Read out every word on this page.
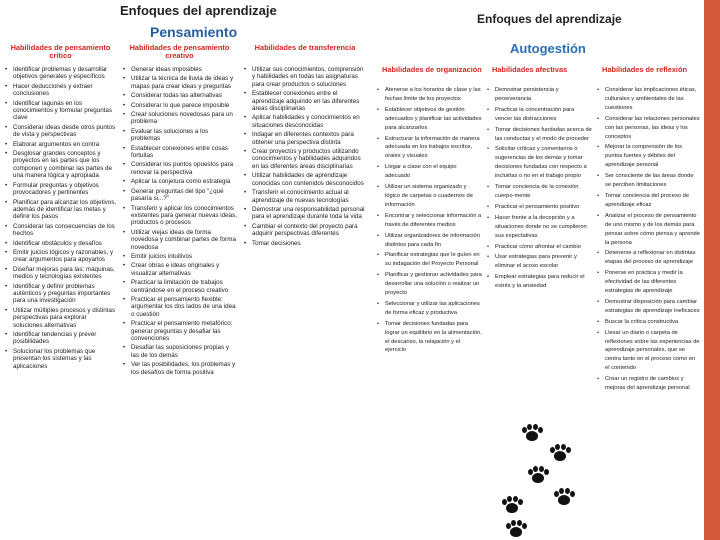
Enfoques del aprendizaje
Pensamiento
Habilidades de pensamiento crítico
• Identificar problemas y desarrollar objetivos generales y específicos
• Hacer deducciones y extraer conclusiones
• Identificar lagunas en los conocimientos y formular preguntas clave
• Considerar ideas desde otros puntos de vista y perspectivas
• Elaborar argumentos en contra
• Desglosar grandes conceptos y proyectos en las partes que los componen y combinar las partes de una manera lógica y apropiada
• Formular preguntas y objetivos provocadores y pertinentes
• Planificar para alcanzar los objetivos, además de identificar las metas y definir los pasos
• Considerar las consecuencias de los hechos
• Identificar obstáculos y desafíos
• Emitir juicios lógicos y razonables, y crear argumentos para apoyarlos
• Diseñar mejoras para las: máquinas, medios y tecnologías existentes
• Identificar y definir problemas auténticos y preguntas importantes para una investigación
• Utilizar múltiples procesos y distintas perspectivas para explorar soluciones alternativas
• Identificar tendencias y prever posibilidades
• Solucionar los problemas que presentan los sistemas y las aplicaciones
Habilidades de pensamiento creativo
• Generar ideas imposibles
• Utilizar la técnica de lluvia de ideas y mapas para crear ideas y preguntas
• Considerar todas las alternativas
• Considerar lo que parece imposible
• Crear soluciones novedosas para un problema
• Evaluar las soluciones a los problemas
• Establecer conexiones entre cosas fortuitas
• Considerar los puntos opuestos para renovar la perspectiva
• Aplicar la conjetura como estrategia
• Generar preguntas del tipo "¿qué pasaría si...?"
• Transferir y aplicar los conocimientos existentes para generar nuevas ideas, productos o procesos
• Utilizar viejas ideas de forma novedosa y combinar partes de forma novedosa
• Emitir juicios intuitivos
• Crear obras e ideas originales y visualizar alternativas
• Practicar la limitación de trabajos centrándose en el proceso creativo
• Practicar el pensamiento flexible: argumentar los dos lados de una idea o cuestión
• Practicar el pensamiento metafórico: generar preguntas y desafiar las convenciones
• Desafiar las suposiciones propias y las de los demás
• Ver las posibilidades, los problemas y los desafíos de forma positiva
Habilidades de transferencia
• Utilizar sus conocimientos, comprensión y habilidades en todas las asignaturas para crear productos o soluciones
• Establecer conexiones entre el aprendizaje adquirido en las diferentes áreas disciplinarias
• Aplicar habilidades y conocimientos en situaciones desconocidas
• Indagar en diferentes contextos para obtener una perspectiva distinta
• Crear proyectos y productos utilizando conocimientos y habilidades adquiridos en las diferentes áreas disciplinarias
• Utilizar habilidades de aprendizaje conocidas con contenidos desconocidos
• Transferir el conocimiento actual al aprendizaje de nuevas tecnologías
• Demostrar una responsabilidad personal para el aprendizaje durante toda la vida
• Cambiar el contexto del proyecto para adquirir perspectivas diferentes
• Tomar decisiones
Enfoques del aprendizaje
Autogestión
Habilidades de organización
• Atenerse a los horarios de clase y las fechas límite de los proyectos
• Establecer objetivos de gestión adecuados y planificar las actividades para alcanzarlos
• Estructurar la información de manera adecuada en los trabajos escritos, orales y visuales
• Llegar a clase con el equipo adecuado
• Utilizar un sistema organizado y lógico de carpetas o cuadernos de información
• Encontrar y seleccionar información a través de diferentes medios
• Utilizar organizadores de información distintos para cada fin
• Planificar estrategias que le guíen en su indagación del Proyecto Personal
• Planificar y gestionar actividades para desarrollar una solución o realizar un proyecto
• Seleccionar y utilizar las aplicaciones de forma eficaz y productiva
• Tomar decisiones fundadas para lograr un equilibrio en la alimentación, el descanso, la relajación y el ejercicio
Habilidades afectivas
• Demostrar persistencia y perseverancia
• Practicar la concentración para vencer las distracciones
• Tomar decisiones fundadas acerca de las conductas y el modo de proceder
• Solicitar críticas y comentarios o sugerencias de los demás y tomar decisiones fundadas con respecto a incluirlas o no en el trabajo propio
• Tomar conciencia de la conexión cuerpo-mente
• Practicar el pensamiento positivo
• Hacer frente a la decepción y a situaciones donde no se cumplieron sus expectativas
• Practicar cómo afrontar el cambio
• Usar estrategias para prevenir y eliminar el acoso escolar
• Emplear estrategias para reducir el estrés y la ansiedad
Habilidades de reflexión
• Considerar las implicaciones éticas, culturales y ambientales de las cuestiones
• Considerar las relaciones personales con las personas, las ideas y los conceptos
• Mejorar la comprensión de los puntos fuertes y débiles del aprendizaje personal
• Ser consciente de las áreas donde se perciben limitaciones
• Tomar conciencia del proceso de aprendizaje eficaz
• Analizar el proceso de pensamiento de uno mismo y de los demás para pensar sobre cómo piensa y aprende la persona
• Detenerse a reflexionar en distintas etapas del proceso de aprendizaje
• Ponerse en práctica y medir la efectividad de las diferentes estrategias de aprendizaje
• Demostrar disposición para cambiar estrategias de aprendizaje ineficaces
• Buscar la crítica constructiva
• Llevar un diario o carpeta de reflexiones sobre las experiencias de aprendizaje personales, que se centra tanto en el proceso como en el contenido
• Crear un registro de cambios y mejoras del aprendizaje personal
